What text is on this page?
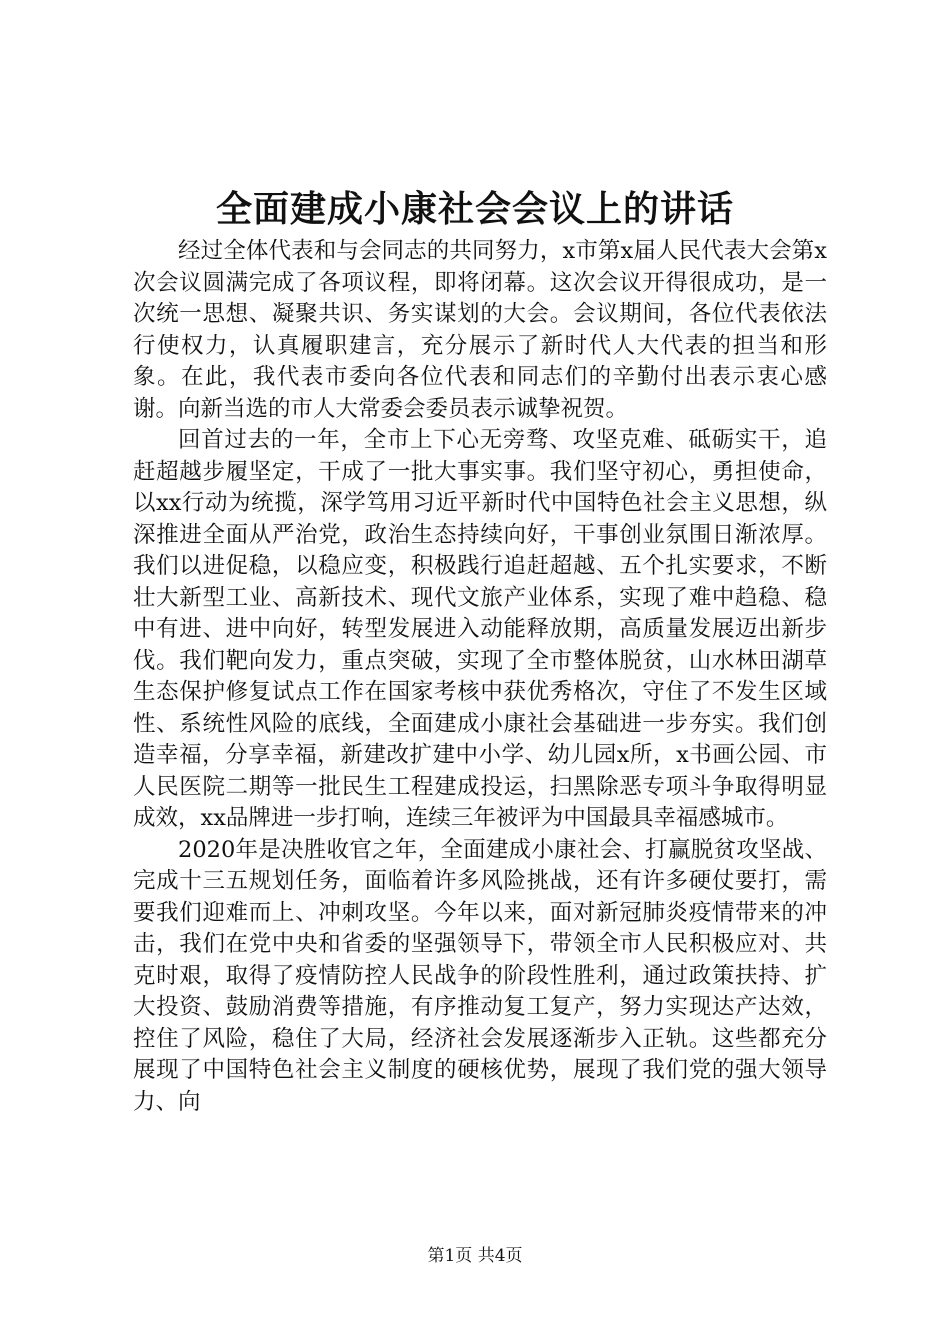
全面建成小康社会会议上的讲话

经过全体代表和与会同志的共同努力，x市第x届人民代表大会第x次会议圆满完成了各项议程，即将闭幕。这次会议开得很成功，是一次统一思想、凝聚共识、务实谋划的大会。会议期间，各位代表依法行使权力，认真履职建言，充分展示了新时代人大代表的担当和形象。在此，我代表市委向各位代表和同志们的辛勤付出表示衷心感谢。向新当选的市人大常委会委员表示诚挚祝贺。

回首过去的一年，全市上下心无旁骛、攻坚克难、砥砺实干，追赶超越步履坚定，干成了一批大事实事。我们坚守初心，勇担使命，以xx行动为统揽，深学笃用习近平新时代中国特色社会主义思想，纵深推进全面从严治党，政治生态持续向好，干事创业氛围日渐浓厚。我们以进促稳，以稳应变，积极践行追赶超越、五个扎实要求，不断壮大新型工业、高新技术、现代文旅产业体系，实现了难中趋稳、稳中有进、进中向好，转型发展进入动能释放期，高质量发展迈出新步伐。我们靶向发力，重点突破，实现了全市整体脱贫，山水林田湖草生态保护修复试点工作在国家考核中获优秀格次，守住了不发生区域性、系统性风险的底线，全面建成小康社会基础进一步夯实。我们创造幸福，分享幸福，新建改扩建中小学、幼儿园x所，x书画公园、市人民医院二期等一批民生工程建成投运，扫黑除恶专项斗争取得明显成效，xx品牌进一步打响，连续三年被评为中国最具幸福感城市。

2020年是决胜收官之年，全面建成小康社会、打赢脱贫攻坚战、完成十三五规划任务，面临着许多风险挑战，还有许多硬仗要打，需要我们迎难而上、冲刺攻坚。今年以来，面对新冠肺炎疫情带来的冲击，我们在党中央和省委的坚强领导下，带领全市人民积极应对、共克时艰，取得了疫情防控人民战争的阶段性胜利，通过政策扶持、扩大投资、鼓励消费等措施，有序推动复工复产，努力实现达产达效，控住了风险，稳住了大局，经济社会发展逐渐步入正轨。这些都充分展现了中国特色社会主义制度的硬核优势，展现了我们党的强大领导力、向

第1页 共4页
